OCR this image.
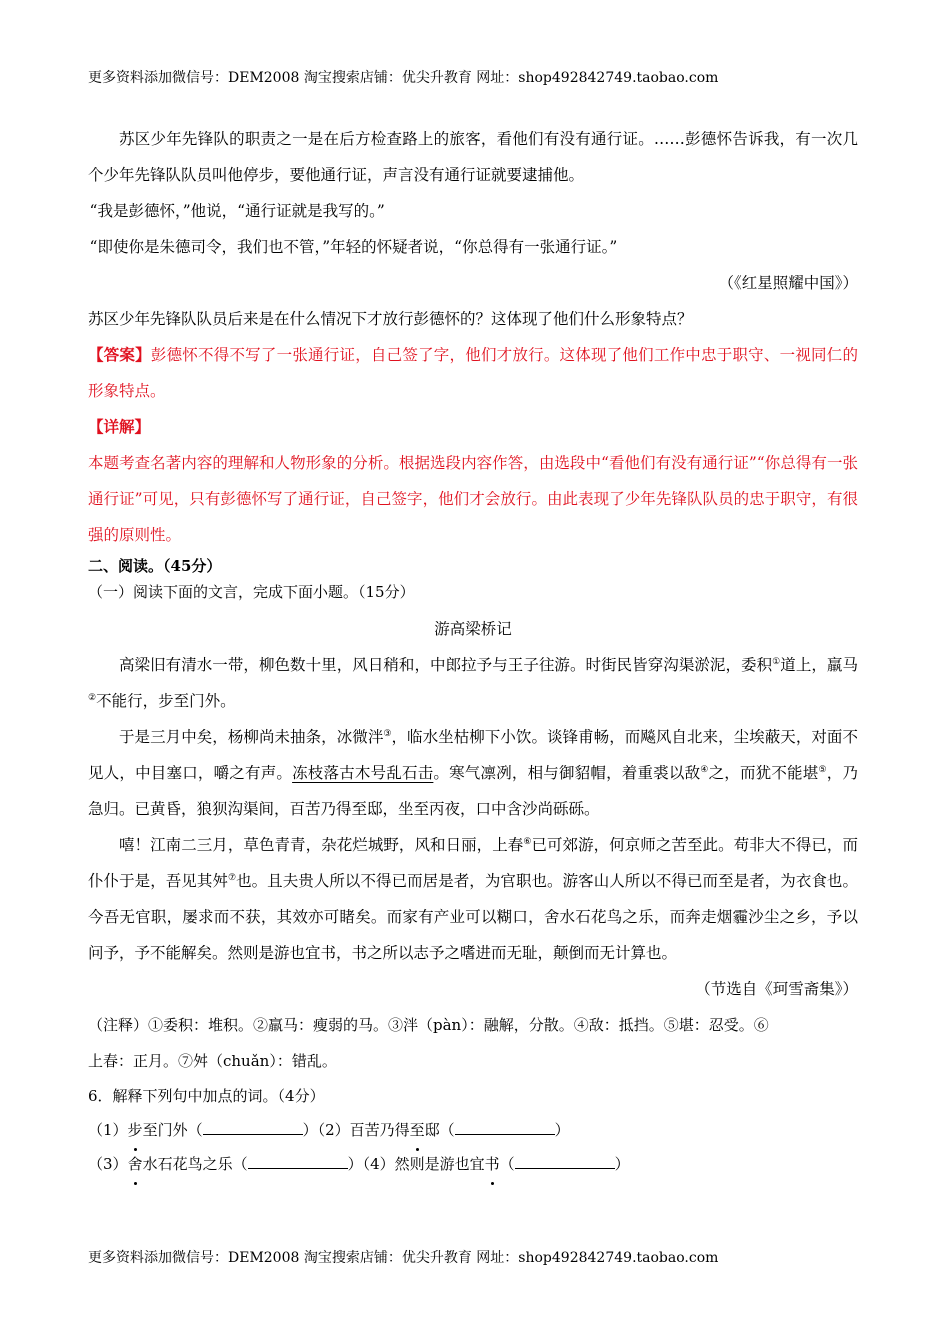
更多资料添加微信号：DEM2008 淘宝搜索店铺：优尖升教育 网址：shop492842749.taobao.com

苏区少年先锋队的职责之一是在后方检查路上的旅客，看他们有没有通行证。……彭德怀告诉我，有一次几个少年先锋队队员叫他停步，要他通行证，声言没有通行证就要逮捕他。

“我是彭德怀，”他说，“通行证就是我写的。”

“即使你是朱德司令，我们也不管，”年轻的怀疑者说，“你总得有一张通行证。”

（《红星照耀中国》）

苏区少年先锋队队员后来是在什么情况下才放行彭德怀的？这体现了他们什么形象特点？

【答案】彭德怀不得不写了一张通行证，自己签了字，他们才放行。这体现了他们工作中忠于职守、一视同仁的形象特点。

【详解】

本题考查名著内容的理解和人物形象的分析。根据选段内容作答，由选段中“看他们有没有通行证”“你总得有一张通行证”可见，只有彭德怀写了通行证，自己签字，他们才会放行。由此表现了少年先锋队队员的忠于职守，有很强的原则性。

二、阅读。（45分）

（一）阅读下面的文言，完成下面小题。（15分）

游高梁桥记

高梁旧有清水一带，柳色数十里，风日稍和，中郎拉予与王子往游。时街民皆穿沟渠淤泥，委积①道上，羸马②不能行，步至门外。

于是三月中矣，杨柳尚未抽条，冰微泮③，临水坐枯柳下小饮。谈锋甫畅，而飚风自北来，尘埃蔽天，对面不见人，中目塞口，嚼之有声。冻枝落古木号乱石击。寒气凛冽，相与御貂帽，着重裘以敌④之，而犹不能堪⑤，乃急归。已黄昏，狼狈沟渠间，百苦乃得至邸，坐至丙夜，口中含沙尚砾砾。

嘻！江南二三月，草色青青，杂花烂城野，风和日丽，上春⑥已可郊游，何京师之苦至此。苟非大不得已，而仆仆于是，吾见其舛⑦也。且夫贵人所以不得已而居是者，为官职也。游客山人所以不得已而至是者，为衣食也。今吾无官职，屡求而不获，其效亦可睹矣。而家有产业可以糊口，舍水石花鸟之乐，而奔走烟霾沙尘之乡，予以问予，予不能解矣。然则是游也宜书，书之所以志予之嗜进而无耻，颠倒而无计算也。

（节选自《珂雪斋集》）

（注释）①委积：堆积。②羸马：瘦弱的马。③泮（pàn）：融解，分散。④敌：抵挡。⑤堪：忍受。⑥

上春：正月。⑦舛（chuǎn）：错乱。

6．解释下列句中加点的词。（4分）

（1）步至门外（	）（2）百苦乃得至邸（	）

（3）舍水石花鸟之乐（	）（4）然则是游也宜书（	）

更多资料添加微信号：DEM2008 淘宝搜索店铺：优尖升教育 网址：shop492842749.taobao.com
